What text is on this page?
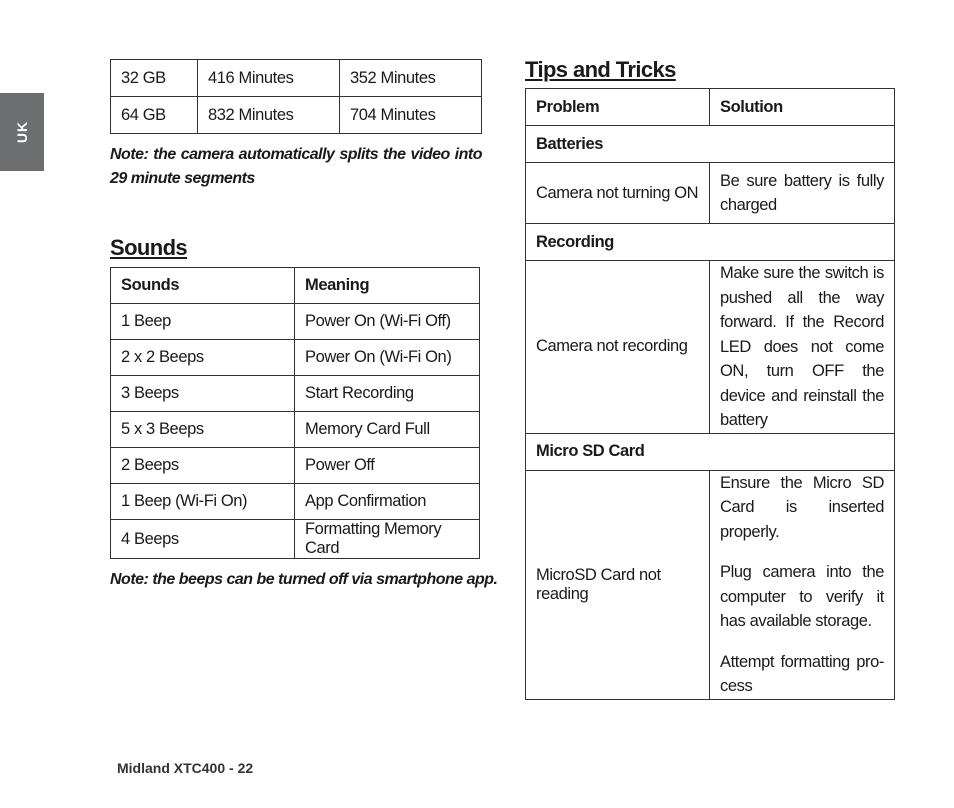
UK
32 GB	416 Minutes	352 Minutes
64 GB	832 Minutes	704 Minutes
Note: the camera automatically splits the video into 29 minute segments
Sounds
Sounds	Meaning
1 Beep	Power On (Wi-Fi Off)
2 x 2 Beeps	Power On (Wi-Fi On)
3 Beeps	Start Recording
5 x 3 Beeps	Memory Card Full
2 Beeps	Power Off
1 Beep (Wi-Fi On)	App Confirmation
4 Beeps	Formatting Memory Card
Note: the beeps can be turned off via smartphone app.
Tips and Tricks
Problem	Solution
Batteries	
Camera not turning ON	Be sure battery is fully charged

Recording	
Camera not recording	Make sure the switch is pushed all the way forward. If the Record LED does not come ON, turn OFF the device and reinstall the battery

Micro SD Card	
MicroSD Card not reading	Ensure the Micro SD Card is inserted properly.

Plug camera into the computer to verify it has available storage.

Attempt formatting pro-cess

Midland XTC400 - 22
